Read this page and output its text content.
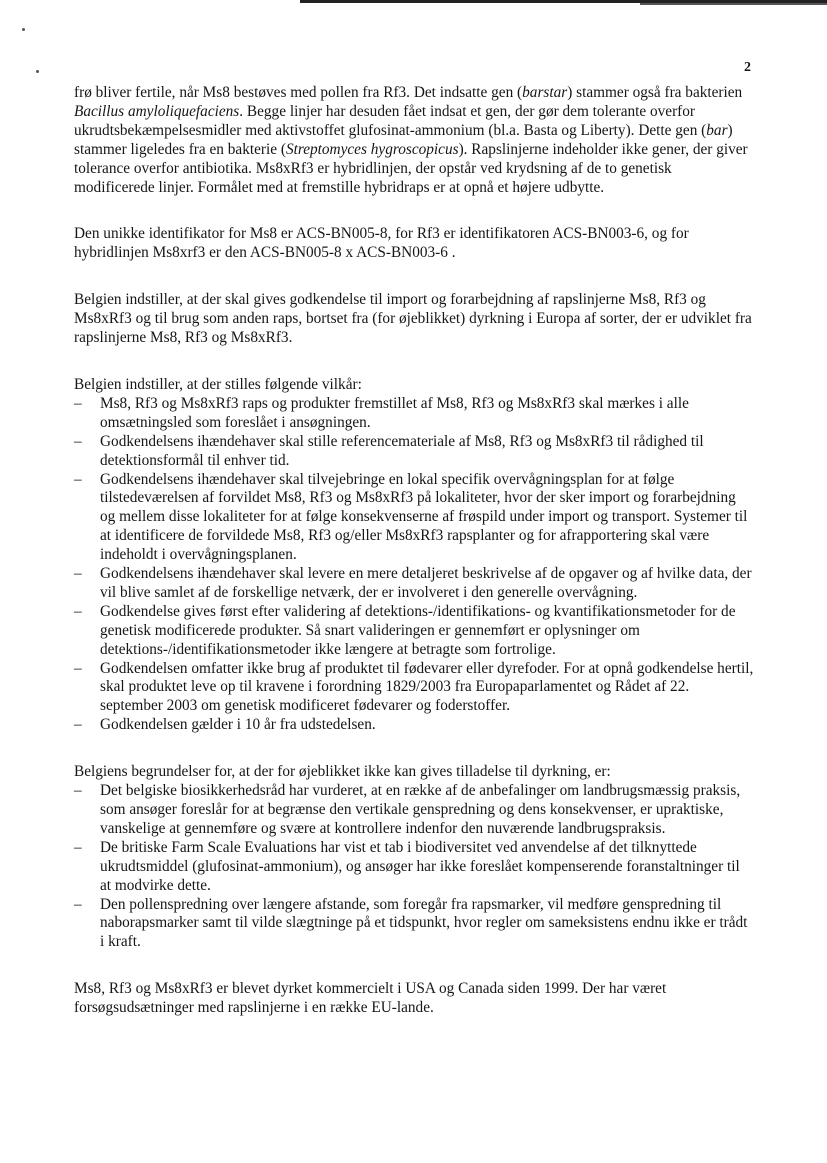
2

frø bliver fertile, når Ms8 bestøves med pollen fra Rf3. Det indsatte gen (barstar) stammer også fra bakterien Bacillus amyloliquefaciens. Begge linjer har desuden fået indsat et gen, der gør dem tolerante overfor ukrudtsbekæmpelsesmidler med aktivstoffet glufosinat-ammonium (bl.a. Basta og Liberty). Dette gen (bar) stammer ligeledes fra en bakterie (Streptomyces hygroscopicus). Rapslinjerne indeholder ikke gener, der giver tolerance overfor antibiotika. Ms8xRf3 er hybridlinjen, der opstår ved krydsning af de to genetisk modificerede linjer. Formålet med at fremstille hybridraps er at opnå et højere udbytte.

Den unikke identifikator for Ms8 er ACS-BN005-8, for Rf3 er identifikatoren ACS-BN003-6, og for hybridlinjen Ms8xrf3 er den ACS-BN005-8 x ACS-BN003-6 .

Belgien indstiller, at der skal gives godkendelse til import og forarbejdning af rapslinjerne Ms8, Rf3 og Ms8xRf3 og til brug som anden raps, bortset fra (for øjeblikket) dyrkning i Europa af sorter, der er udviklet fra rapslinjerne Ms8, Rf3 og Ms8xRf3.

Belgien indstiller, at der stilles følgende vilkår:

– Ms8, Rf3 og Ms8xRf3 raps og produkter fremstillet af Ms8, Rf3 og Ms8xRf3 skal mærkes i alle omsætningsled som foreslået i ansøgningen.
– Godkendelsens ihændehaver skal stille referencemateriale af Ms8, Rf3 og Ms8xRf3 til rådighed til detektionsformål til enhver tid.
– Godkendelsens ihændehaver skal tilvejebringe en lokal specifik overvågningsplan for at følge tilstedeværelsen af forvildet Ms8, Rf3 og Ms8xRf3 på lokaliteter, hvor der sker import og forarbejdning og mellem disse lokaliteter for at følge konsekvenserne af frøspild under import og transport. Systemer til at identificere de forvildede Ms8, Rf3 og/eller Ms8xRf3 rapsplanter og for afrapportering skal være indeholdt i overvågningsplanen.
– Godkendelsens ihændehaver skal levere en mere detaljeret beskrivelse af de opgaver og af hvilke data, der vil blive samlet af de forskellige netværk, der er involveret i den generelle overvågning.
– Godkendelse gives først efter validering af detektions-/identifikations- og kvantifikationsmetoder for de genetisk modificerede produkter. Så snart valideringen er gennemført er oplysninger om detektions-/identifikationsmetoder ikke længere at betragte som fortrolige.
– Godkendelsen omfatter ikke brug af produktet til fødevarer eller dyrefoder. For at opnå godkendelse hertil, skal produktet leve op til kravene i forordning 1829/2003 fra Europaparlamentet og Rådet af 22. september 2003 om genetisk modificeret fødevarer og foderstoffer.
– Godkendelsen gælder i 10 år fra udstedelsen.

Belgiens begrundelser for, at der for øjeblikket ikke kan gives tilladelse til dyrkning, er:

– Det belgiske biosikkerhedsråd har vurderet, at en række af de anbefalinger om landbrugsmæssig praksis, som ansøger foreslår for at begrænse den vertikale genspredning og dens konsekvenser, er upraktiske, vanskelige at gennemføre og svære at kontrollere indenfor den nuværende landbrugspraksis.
– De britiske Farm Scale Evaluations har vist et tab i biodiversitet ved anvendelse af det tilknyttede ukrudtsmiddel (glufosinat-ammonium), og ansøger har ikke foreslået kompenserende foranstaltninger til at modvirke dette.
– Den pollenspredning over længere afstande, som foregår fra rapsmarker, vil medføre genspredning til naborapsmarker samt til vilde slægtninge på et tidspunkt, hvor regler om sameksistens endnu ikke er trådt i kraft.

Ms8, Rf3 og Ms8xRf3 er blevet dyrket kommercielt i USA og Canada siden 1999. Der har været forsøgsudsætninger med rapslinjerne i en række EU-lande.
